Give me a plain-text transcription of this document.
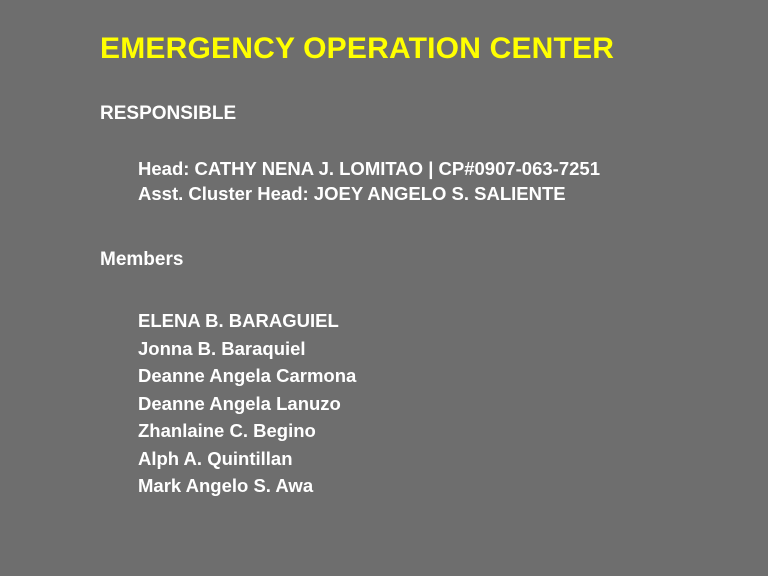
EMERGENCY OPERATION CENTER
RESPONSIBLE
Head: CATHY NENA J. LOMITAO | CP#0907-063-7251
Asst. Cluster Head: JOEY ANGELO S. SALIENTE
Members
ELENA B. BARAGUIEL
Jonna B. Baraquiel
Deanne Angela Carmona
Deanne Angela Lanuzo
Zhanlaine C. Begino
Alph A. Quintillan
Mark Angelo S. Awa
